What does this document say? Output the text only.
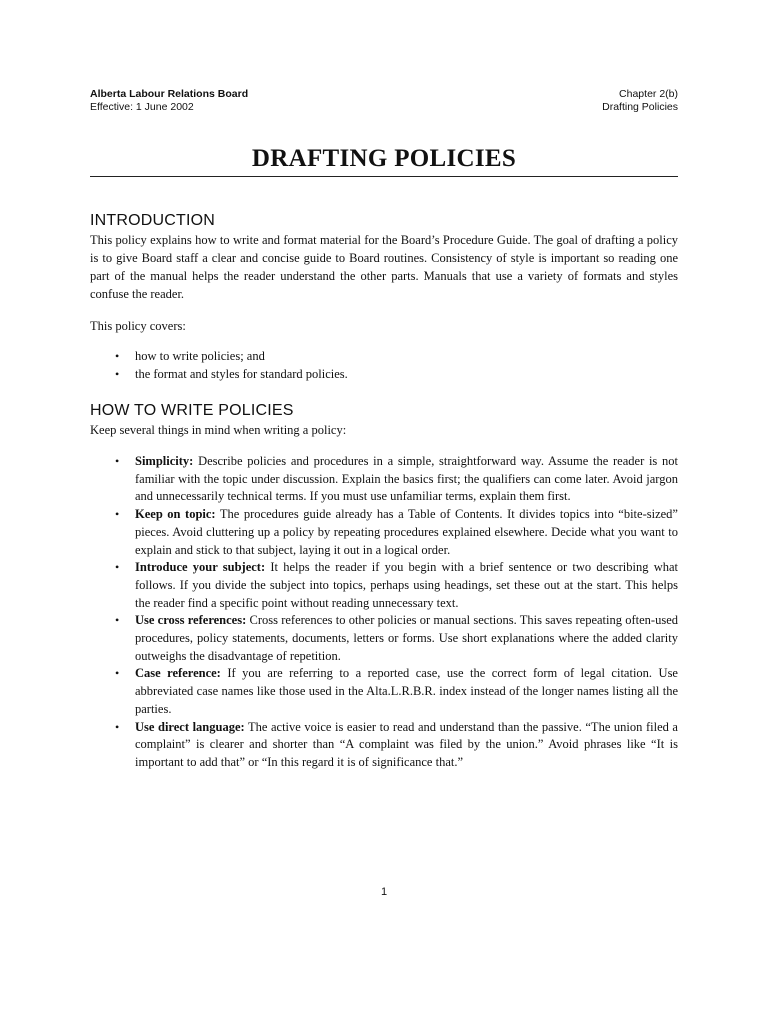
Alberta Labour Relations Board
Effective: 1 June 2002
Chapter 2(b)
Drafting Policies
DRAFTING POLICIES
INTRODUCTION

This policy explains how to write and format material for the Board’s Procedure Guide. The goal of drafting a policy is to give Board staff a clear and concise guide to Board routines. Consistency of style is important so reading one part of the manual helps the reader understand the other parts. Manuals that use a variety of formats and styles confuse the reader.

This policy covers:

• how to write policies; and
• the format and styles for standard policies.
HOW TO WRITE POLICIES

Keep several things in mind when writing a policy:

• Simplicity: Describe policies and procedures in a simple, straightforward way. Assume the reader is not familiar with the topic under discussion. Explain the basics first; the qualifiers can come later. Avoid jargon and unnecessarily technical terms. If you must use unfamiliar terms, explain them first.
• Keep on topic: The procedures guide already has a Table of Contents. It divides topics into “bite-sized” pieces. Avoid cluttering up a policy by repeating procedures explained elsewhere. Decide what you want to explain and stick to that subject, laying it out in a logical order.
• Introduce your subject: It helps the reader if you begin with a brief sentence or two describing what follows. If you divide the subject into topics, perhaps using headings, set these out at the start. This helps the reader find a specific point without reading unnecessary text.
• Use cross references: Cross references to other policies or manual sections. This saves repeating often-used procedures, policy statements, documents, letters or forms. Use short explanations where the added clarity outweighs the disadvantage of repetition.
• Case reference: If you are referring to a reported case, use the correct form of legal citation. Use abbreviated case names like those used in the Alta.L.R.B.R. index instead of the longer names listing all the parties.
• Use direct language: The active voice is easier to read and understand than the passive. “The union filed a complaint” is clearer and shorter than “A complaint was filed by the union.” Avoid phrases like “It is important to add that” or “In this regard it is of significance that.”
1
